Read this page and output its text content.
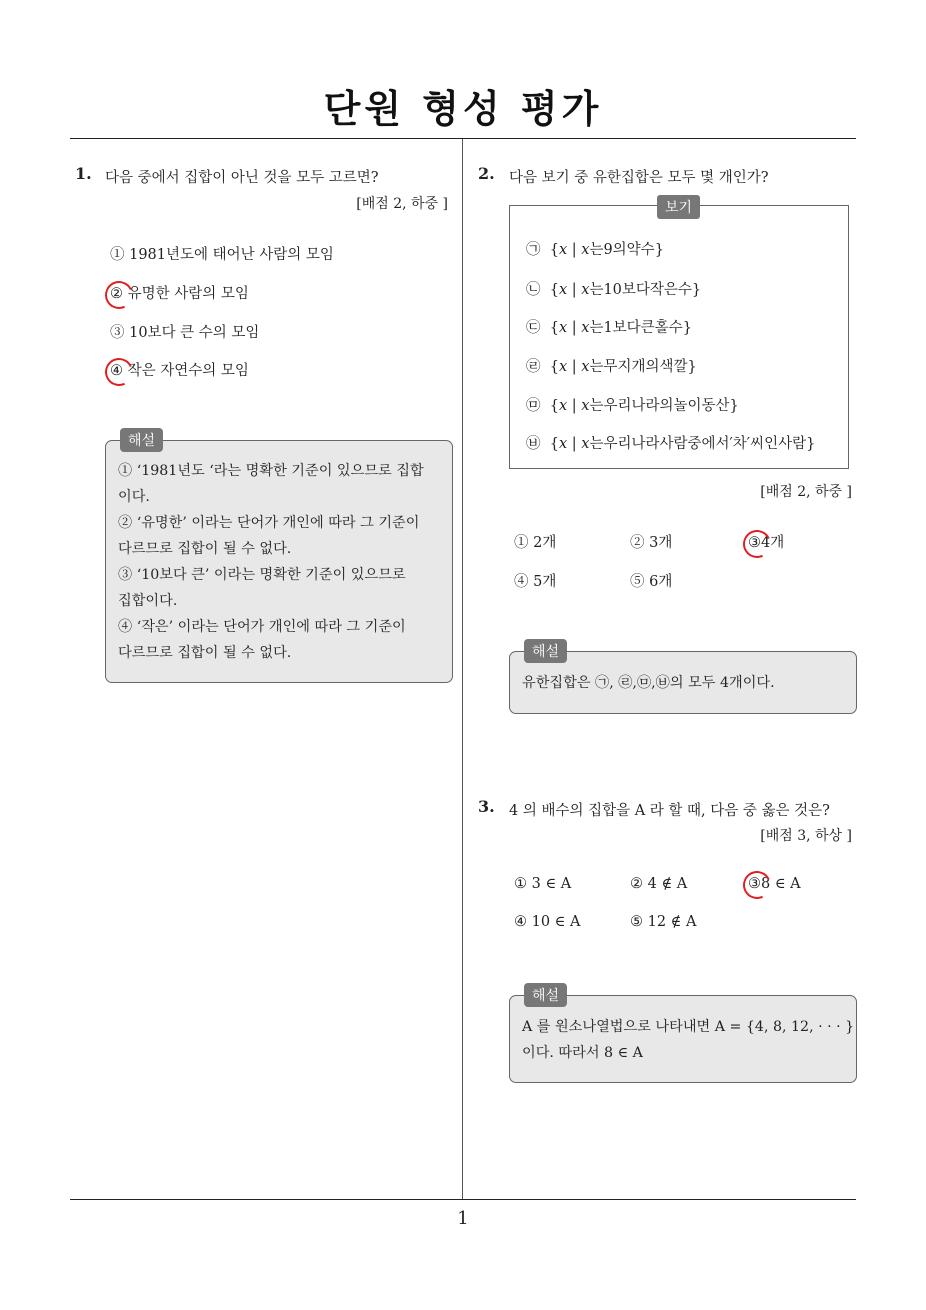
단원 형성 평가
1. 다음 중에서 집합이 아닌 것을 모두 고르면?
[배점 2, 하중 ]
① 1981년도에 태어난 사람의 모임
② 유명한 사람의 모임
③ 10보다 큰 수의 모임
④ 작은 자연수의 모임
해설
① ‘1981년도 ‘라는 명확한 기준이 있으므로 집합
이다.
② ‘유명한’ 이라는 단어가 개인에 따라 그 기준이
다르므로 집합이 될 수 없다.
③ ‘10보다 큰’ 이라는 명확한 기준이 있으므로
집합이다.
④ ‘작은’ 이라는 단어가 개인에 따라 그 기준이
다르므로 집합이 될 수 없다.
2. 다음 보기 중 유한집합은 모두 몇 개인가?
보기
㉠  {x | x는9의약수}
㉡  {x | x는10보다작은수}
㉢  {x | x는1보다큰홀수}
㉣  {x | x는무지개의색깔}
㉤  {x | x는우리나라의놀이동산}
㉥  {x | x는우리나라사람중에서′차′씨인사람}
[배점 2, 하중 ]
① 2개	② 3개	③4개
④ 5개	⑤ 6개
해설
유한집합은 ㉠, ㉣,㉤,㉥의 모두 4개이다.
3. 4 의 배수의 집합을 A 라 할 때, 다음 중 옳은 것은?
[배점 3, 하상 ]
① 3 ∈ A	② 4 ∉ A	③8 ∈ A
④ 10 ∈ A	⑤ 12 ∉ A
해설
A 를 원소나열법으로 나타내면 A = {4, 8, 12, · · · }
이다. 따라서 8 ∈ A
1
